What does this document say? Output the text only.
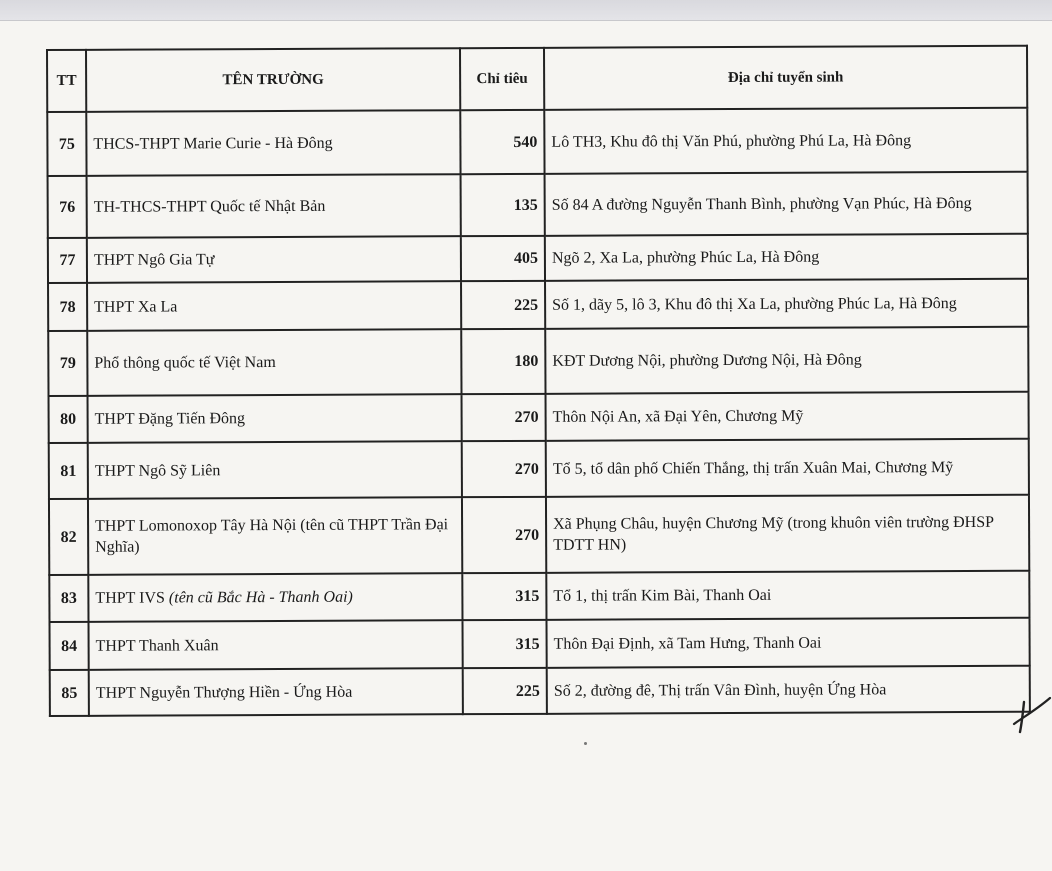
TT	TÊN TRƯỜNG	Chỉ tiêu	Địa chỉ tuyển sinh
75	THCS-THPT Marie Curie - Hà Đông	540	Lô TH3, Khu đô thị Văn Phú, phường Phú La, Hà Đông
76	TH-THCS-THPT Quốc tế Nhật Bản	135	Số 84 A đường Nguyễn Thanh Bình, phường Vạn Phúc, Hà Đông
77	THPT Ngô Gia Tự	405	Ngõ 2, Xa La, phường Phúc La, Hà Đông
78	THPT Xa La	225	Số 1, dãy 5, lô 3, Khu đô thị Xa La, phường Phúc La, Hà Đông
79	Phổ thông quốc tế Việt Nam	180	KĐT Dương Nội, phường Dương Nội, Hà Đông
80	THPT Đặng Tiến Đông	270	Thôn Nội An, xã Đại Yên, Chương Mỹ
81	THPT Ngô Sỹ Liên	270	Tổ 5, tổ dân phố Chiến Thắng, thị trấn Xuân Mai, Chương Mỹ
82	THPT Lomonoxop Tây Hà Nội (tên cũ THPT Trần Đại Nghĩa)	270	Xã Phụng Châu, huyện Chương Mỹ (trong khuôn viên trường ĐHSP TDTT HN)
83	THPT IVS (tên cũ Bắc Hà - Thanh Oai)	315	Tổ 1, thị trấn Kim Bài, Thanh Oai
84	THPT Thanh Xuân	315	Thôn Đại Định, xã Tam Hưng, Thanh Oai
85	THPT Nguyễn Thượng Hiền - Ứng Hòa	225	Số 2, đường đê, Thị trấn Vân Đình, huyện Ứng Hòa
